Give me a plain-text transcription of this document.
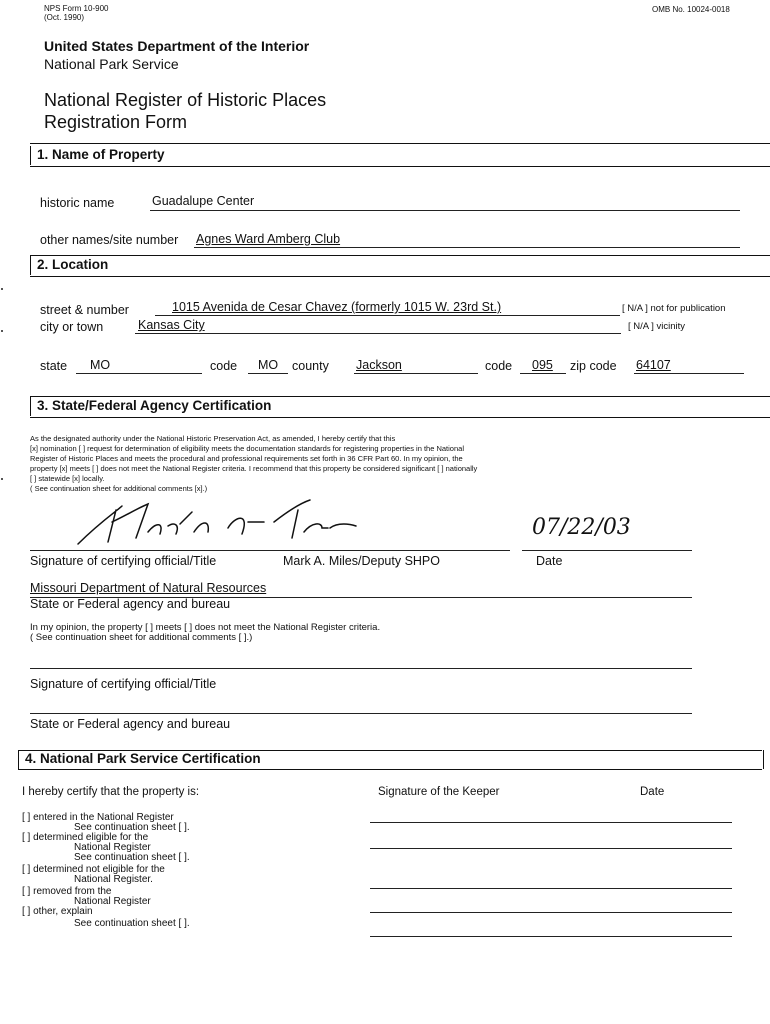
NPS Form 10-900
(Oct. 1990)
OMB No. 10024-0018
United States Department of the Interior
National Park Service
National Register of Historic Places
Registration Form
1. Name of Property
historic name	Guadalupe Center
other names/site number Agnes Ward Amberg Club
2. Location
street & number	1015 Avenida de Cesar Chavez (formerly 1015 W. 23rd St.)	[ N/A ] not for publication
city or town	Kansas City	[ N/A ] vicinity
state MO	code MO county Jackson	code 095 zip code 64107
3. State/Federal Agency Certification
As the designated authority under the National Historic Preservation Act, as amended, I hereby certify that this
[x] nomination [ ] request for determination of eligibility meets the documentation standards for registering properties in the National
Register of Historic Places and meets the procedural and professional requirements set forth in 36 CFR Part 60. In my opinion, the
property [x] meets [ ] does not meet the National Register criteria. I recommend that this property be considered significant [ ] nationally
[ ] statewide [x] locally.
( See continuation sheet for additional comments [x].)
07/22/03
Signature of certifying official/Title	Mark A. Miles/Deputy SHPO	Date
Missouri Department of Natural Resources
State or Federal agency and bureau
In my opinion, the property [ ] meets [ ] does not meet the National Register criteria.
( See continuation sheet for additional comments [ ].)
Signature of certifying official/Title
State or Federal agency and bureau
4. National Park Service Certification
I hereby certify that the property is:	Signature of the Keeper	Date
[ ] entered in the National Register
See continuation sheet [ ].
[ ] determined eligible for the
National Register
See continuation sheet [ ].
[ ] determined not eligible for the
National Register.
[ ] removed from the
National Register
[ ] other, explain
See continuation sheet [ ].
